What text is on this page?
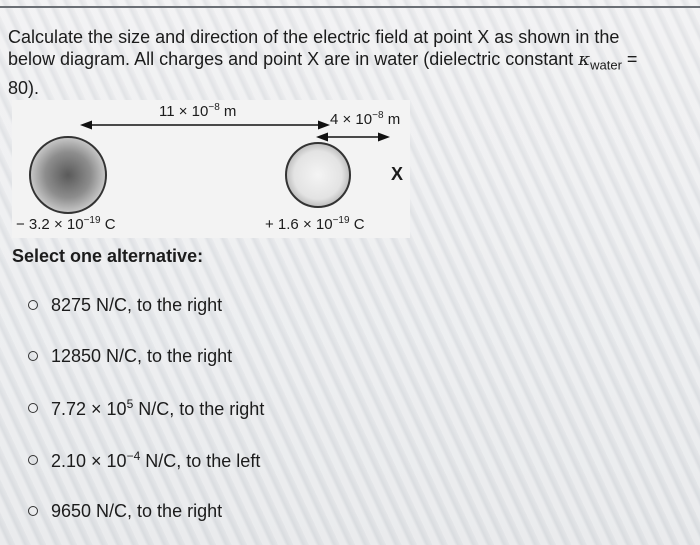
Calculate the size and direction of the electric field at point X as shown in the
below diagram. All charges and point X are in water (dielectric constant $\kappa_{water}$ =
80).
$11 \times 10^{-8}$ m	$4 \times 10^{-8}$ m
X
− $3.2 \times 10^{-19}$ C	+ $1.6 \times 10^{-19}$ C
Select one alternative:
8275 N/C, to the right
12850 N/C, to the right
$7.72 \times 10^5$ N/C, to the right
$2.10 \times 10^{-4}$ N/C, to the left
9650 N/C, to the right
